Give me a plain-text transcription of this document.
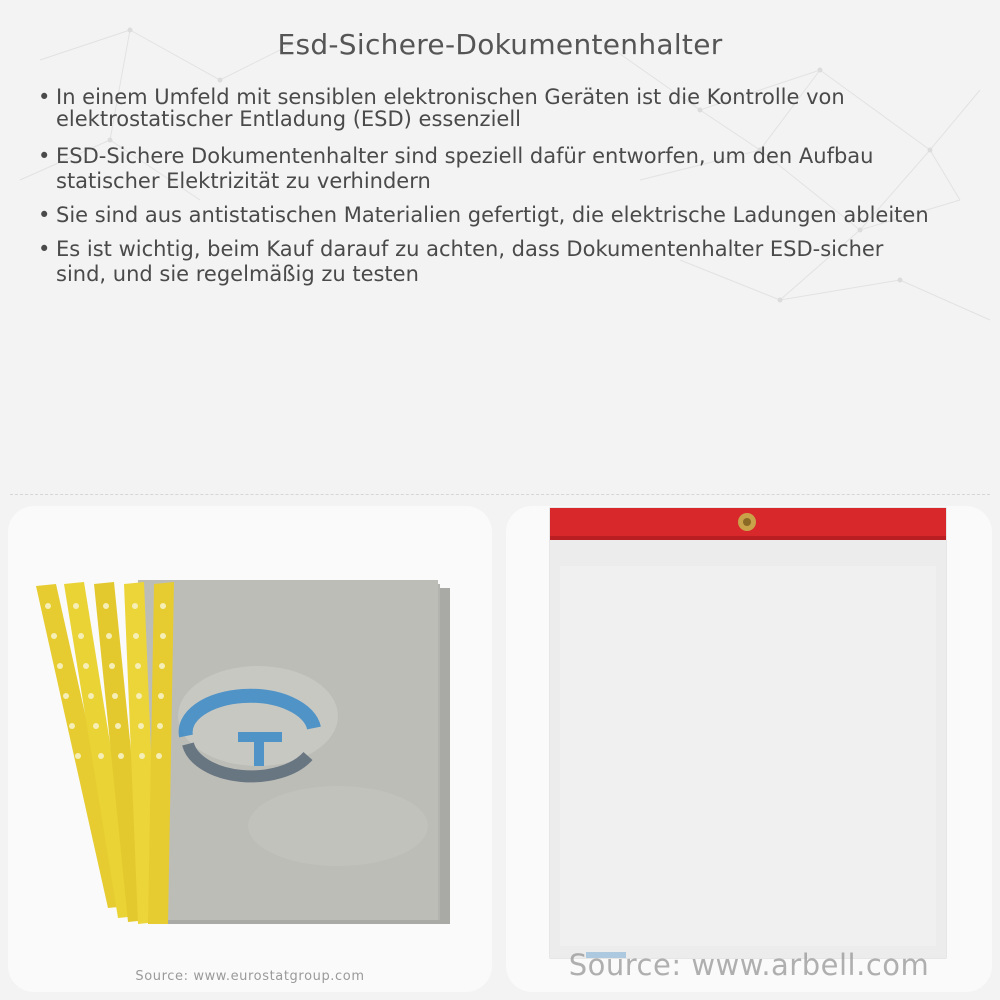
Esd-Sichere-Dokumentenhalter
• In einem Umfeld mit sensiblen elektronischen Geräten ist die Kontrolle von elektrostatischer Entladung (ESD) essenziell
• ESD-Sichere Dokumentenhalter sind speziell dafür entworfen, um den Aufbau statischer Elektrizität zu verhindern
• Sie sind aus antistatischen Materialien gefertigt, die elektrische Ladungen ableiten
• Es ist wichtig, beim Kauf darauf zu achten, dass Dokumentenhalter ESD-sicher sind, und sie regelmäßig zu testen
Source: www.eurostatgroup.com	Source: www.arbell.com
